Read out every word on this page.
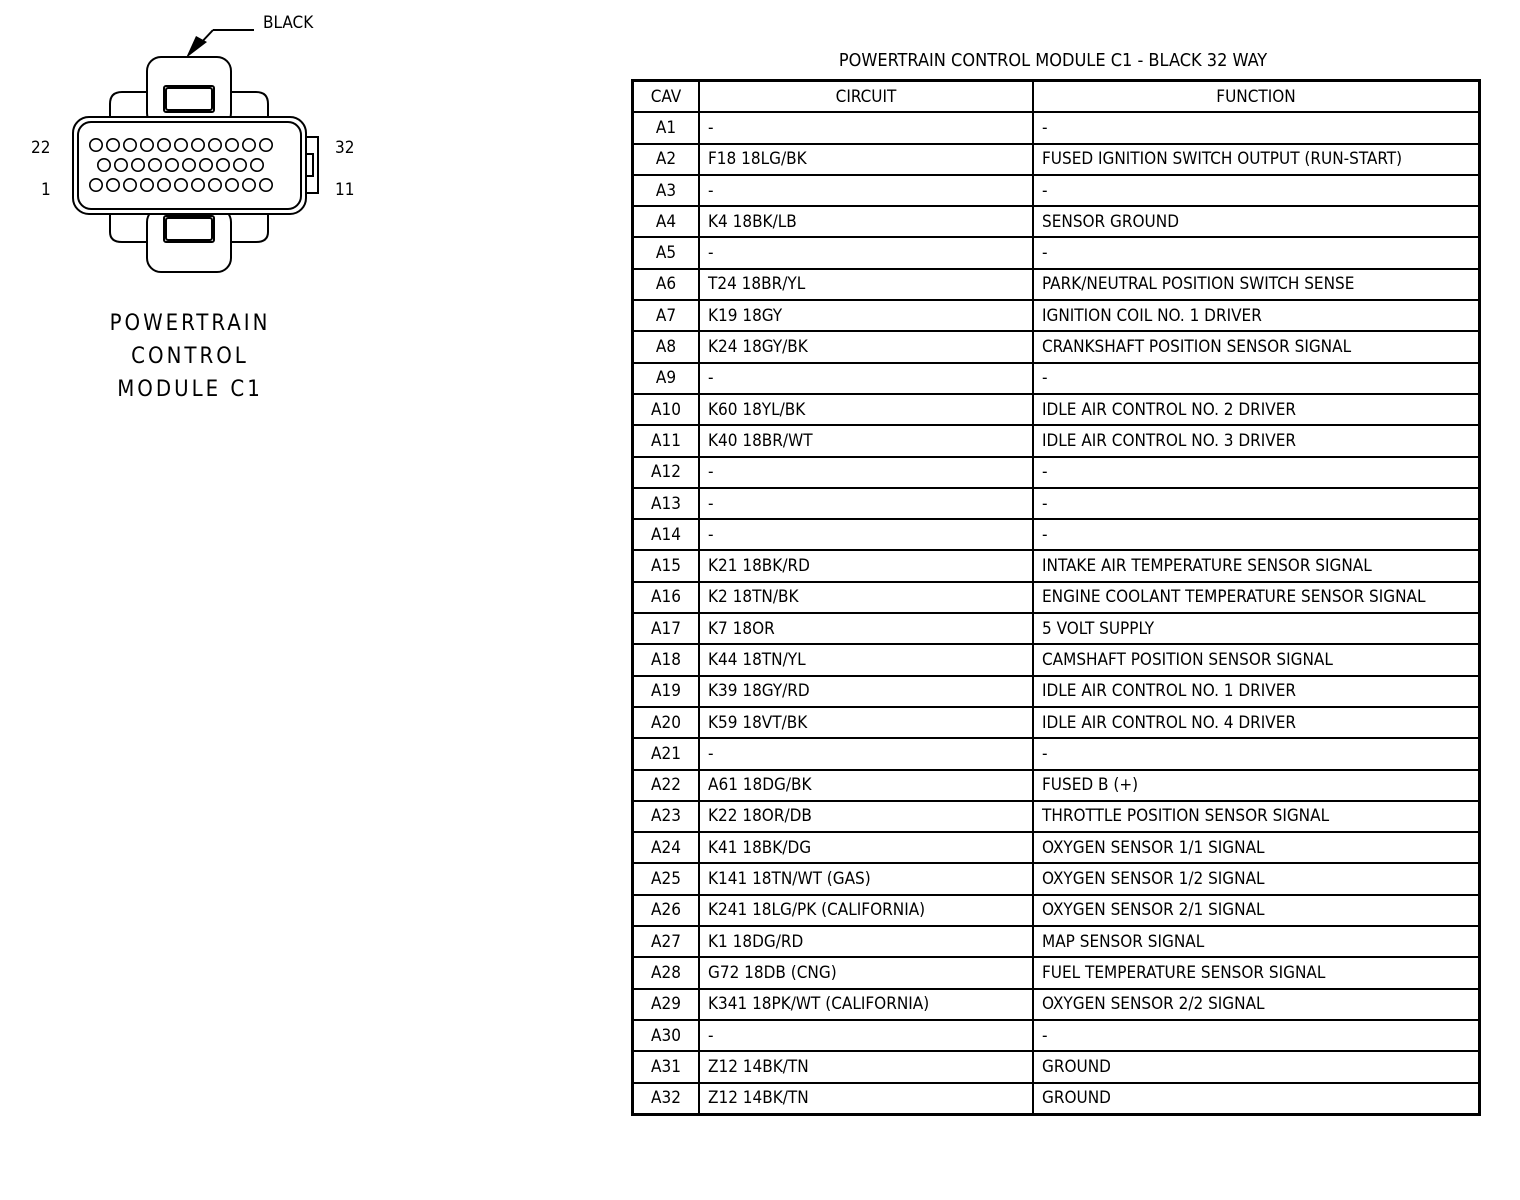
BLACK
22	32
1	11
POWERTRAIN
CONTROL
MODULE C1
POWERTRAIN CONTROL MODULE C1 - BLACK 32 WAY
CAV	CIRCUIT	FUNCTION
A1	-	-
A2	F18 18LG/BK	FUSED IGNITION SWITCH OUTPUT (RUN-START)
A3	-	-
A4	K4 18BK/LB	SENSOR GROUND
A5	-	-
A6	T24 18BR/YL	PARK/NEUTRAL POSITION SWITCH SENSE
A7	K19 18GY	IGNITION COIL NO. 1 DRIVER
A8	K24 18GY/BK	CRANKSHAFT POSITION SENSOR SIGNAL
A9	-	-
A10	K60 18YL/BK	IDLE AIR CONTROL NO. 2 DRIVER
A11	K40 18BR/WT	IDLE AIR CONTROL NO. 3 DRIVER
A12	-	-
A13	-	-
A14	-	-
A15	K21 18BK/RD	INTAKE AIR TEMPERATURE SENSOR SIGNAL
A16	K2 18TN/BK	ENGINE COOLANT TEMPERATURE SENSOR SIGNAL
A17	K7 18OR	5 VOLT SUPPLY
A18	K44 18TN/YL	CAMSHAFT POSITION SENSOR SIGNAL
A19	K39 18GY/RD	IDLE AIR CONTROL NO. 1 DRIVER
A20	K59 18VT/BK	IDLE AIR CONTROL NO. 4 DRIVER
A21	-	-
A22	A61 18DG/BK	FUSED B (+)
A23	K22 18OR/DB	THROTTLE POSITION SENSOR SIGNAL
A24	K41 18BK/DG	OXYGEN SENSOR 1/1 SIGNAL
A25	K141 18TN/WT (GAS)	OXYGEN SENSOR 1/2 SIGNAL
A26	K241 18LG/PK (CALIFORNIA)	OXYGEN SENSOR 2/1 SIGNAL
A27	K1 18DG/RD	MAP SENSOR SIGNAL
A28	G72 18DB (CNG)	FUEL TEMPERATURE SENSOR SIGNAL
A29	K341 18PK/WT (CALIFORNIA)	OXYGEN SENSOR 2/2 SIGNAL
A30	-	-
A31	Z12 14BK/TN	GROUND
A32	Z12 14BK/TN	GROUND
